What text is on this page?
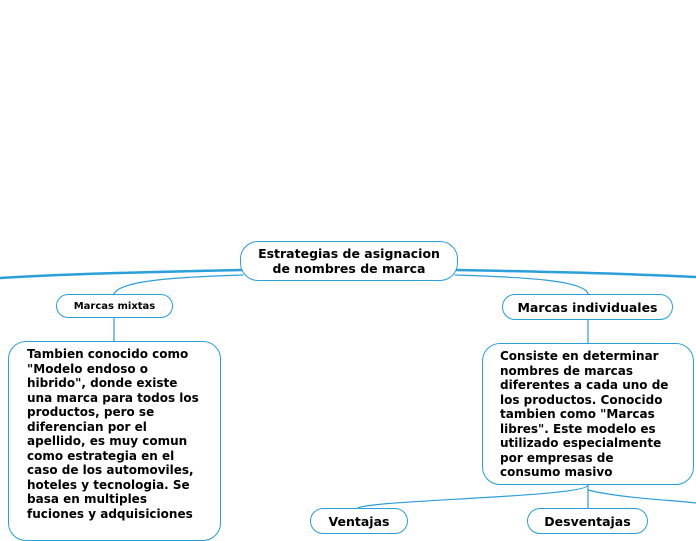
Estrategias de asignacion
de nombres de marca
Marcas mixtas	Marcas individuales
Tambien conocido como
"Modelo endoso o
hibrido", donde existe
una marca para todos los
productos, pero se
diferencian por el
apellido, es muy comun
como estrategia en el
caso de los automoviles,
hoteles y tecnologia. Se
basa en multiples
fuciones y adquisiciones
Consiste en determinar
nombres de marcas
diferentes a cada uno de
los productos. Conocido
tambien como "Marcas
libres". Este modelo es
utilizado especialmente
por empresas de
consumo masivo
Ventajas	Desventajas
